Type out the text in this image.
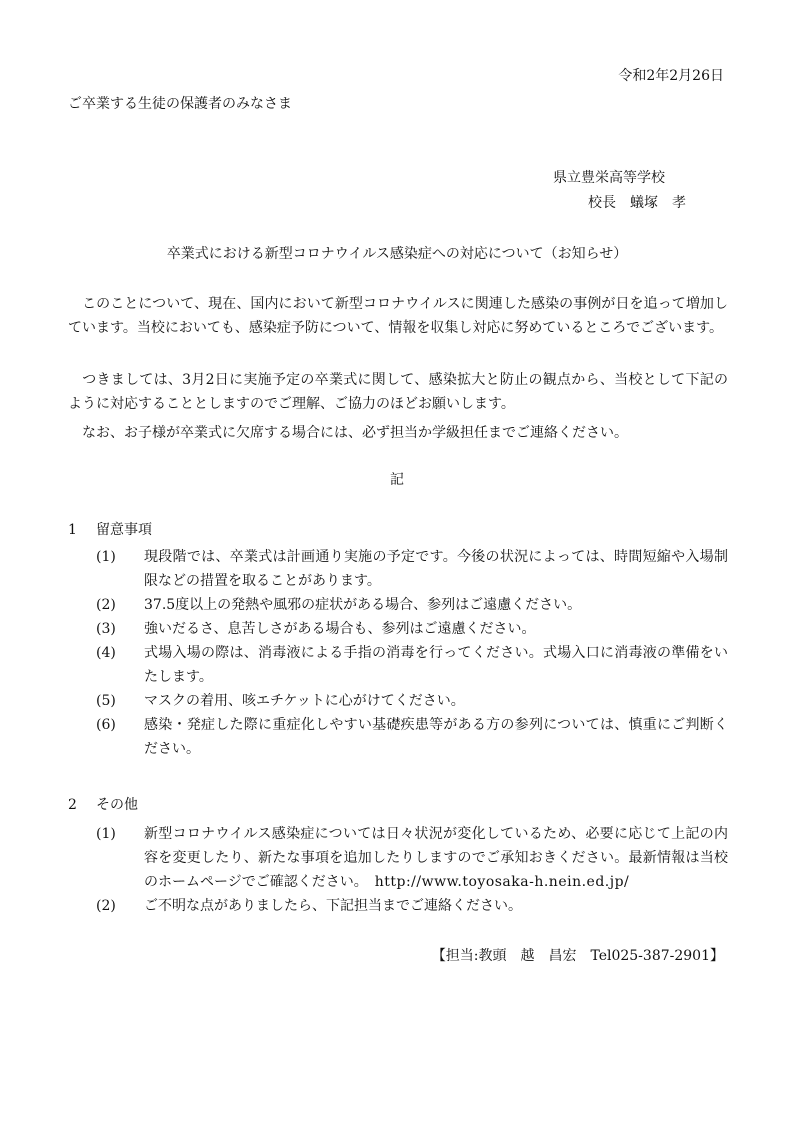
令和2年2月26日
ご卒業する生徒の保護者のみなさま
県立豊栄高等学校
校長　蟻塚　孝
卒業式における新型コロナウイルス感染症への対応について（お知らせ）
　このことについて、現在、国内において新型コロナウイルスに関連した感染の事例が日を追って増加しています。当校においても、感染症予防について、情報を収集し対応に努めているところでございます。
　つきましては、3月2日に実施予定の卒業式に関して、感染拡大と防止の観点から、当校として下記のように対応することとしますのでご理解、ご協力のほどお願いします。
　なお、お子様が卒業式に欠席する場合には、必ず担当か学級担任までご連絡ください。
記
1 留意事項
(1) 現段階では、卒業式は計画通り実施の予定です。今後の状況によっては、時間短縮や入場制限などの措置を取ることがあります。
(2) 37.5度以上の発熱や風邪の症状がある場合、参列はご遠慮ください。
(3) 強いだるさ、息苦しさがある場合も、参列はご遠慮ください。
(4) 式場入場の際は、消毒液による手指の消毒を行ってください。式場入口に消毒液の準備をいたします。
(5) マスクの着用、咳エチケットに心がけてください。
(6) 感染・発症した際に重症化しやすい基礎疾患等がある方の参列については、慎重にご判断ください。
2 その他
(1) 新型コロナウイルス感染症については日々状況が変化しているため、必要に応じて上記の内容を変更したり、新たな事項を追加したりしますのでご承知おきください。最新情報は当校のホームページでご確認ください。　 http://www.toyosaka-h.nein.ed.jp/
(2) ご不明な点がありましたら、下記担当までご連絡ください。
【担当:教頭　越　昌宏　Tel025-387-2901】
